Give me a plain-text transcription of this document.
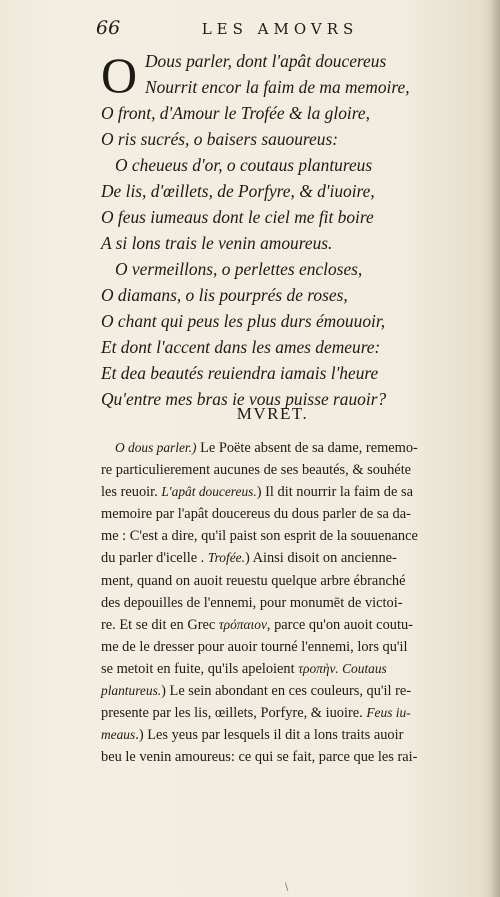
66	LES AMOVRS
O Dous parler, dont l'apât doucereus
Nourrit encor la faim de ma memoire,
O front, d'Amour le Trofée & la gloire,
O ris sucrés, o baisers sauoureus:
O cheueus d'or, o coutaus plantureus
De lis, d'œillets, de Porfyre, & d'iuoire,
O feus iumeaus dont le ciel me fit boire
A si lons trais le venin amoureus.
O vermeillons, o perlettes encloses,
O diamans, o lis pourprés de roses,
O chant qui peus les plus durs émouuoir,
Et dont l'accent dans les ames demeure:
Et dea beautés reuiendra iamais l'heure
Qu'entre mes bras ie vous puisse rauoir?
MVRET.
O dous parler.) Le Poëte absent de sa dame, rememo-
re particulierement aucunes de ses beautés, & souhéte
les reuoir. L'apât doucereus.) Il dit nourrir la faim de sa
memoire par l'apât doucereus du dous parler de sa da-
me : C'est a dire, qu'il paist son esprit de la souuenance
du parler d'icelle . Trofée.) Ainsi disoit on ancienne-
ment, quand on auoit reuestu quelque arbre ébranché
des depouilles de l'ennemi, pour monumēt de victoi-
re. Et se dit en Grec τρόπαιον, parce qu'on auoit coutu-
me de le dresser pour auoir tourné l'ennemi, lors qu'il
se metoit en fuite, qu'ils apeloient τροπὴν. Coutaus
plantureus.) Le sein abondant en ces couleurs, qu'il re-
presente par les lis, œillets, Porfyre, & iuoire. Feus iu-
meaus.) Les yeus par lesquels il dit a lons traits auoir
beu le venin amoureus: ce qui se fait, parce que les rai-
\
